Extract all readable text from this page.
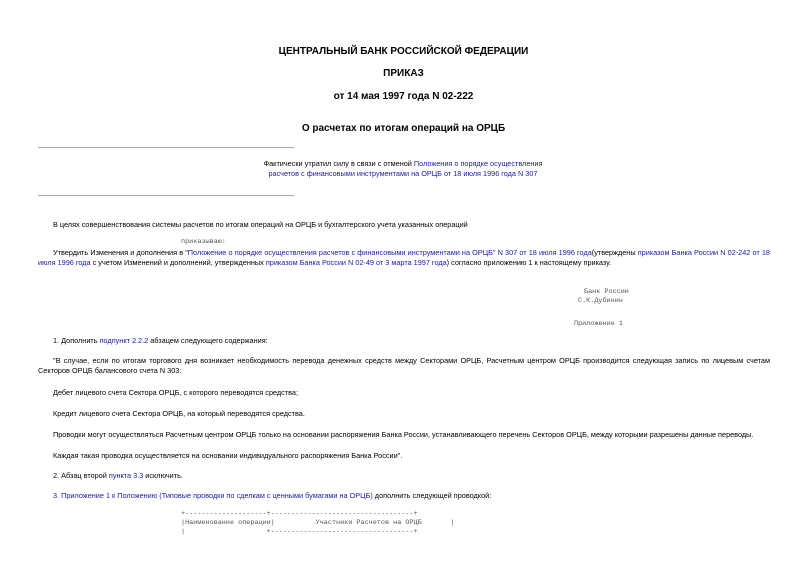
ЦЕНТРАЛЬНЫЙ БАНК РОССИЙСКОЙ ФЕДЕРАЦИИ
ПРИКАЗ
от 14 мая 1997 года N 02-222
О расчетах по итогам операций на ОРЦБ
Фактически утратил силу в связи с отменой Положения о порядке осуществления расчетов с финансовыми инструментами на ОРЦБ от 18 июля 1996 года N 307
В целях совершенствования системы расчетов по итогам операций на ОРЦБ и бухгалтерского учета указанных операций
приказываю:
Утвердить Изменения и дополнения в "Положение о порядке осуществления расчетов с финансовыми инструментами на ОРЦБ" N 307 от 18 июля 1996 года(утверждены приказом Банка России N 02-242 от 18 июля 1996 года с учетом Изменений и дополнений, утвержденных приказом Банка России N 02-49 от 3 марта 1997 года) согласно приложению 1 к настоящему приказу.
Банк России
С.К.Дубинин
Приложение 1
1. Дополнить подпункт 2.2.2 абзацем следующего содержания:
"В случае, если по итогам торгового дня возникает необходимость перевода денежных средств между Секторами ОРЦБ, Расчетным центром ОРЦБ производится следующая запись по лицевым счетам Секторов ОРЦБ балансового счета N 303:
Дебет лицевого счета Сектора ОРЦБ, с которого переводятся средства;
Кредит лицевого счета Сектора ОРЦБ, на который переводятся средства.
Проводки могут осуществляться Расчетным центром ОРЦБ только на основании распоряжения Банка России, устанавливающего перечень Секторов ОРЦБ, между которыми разрешены данные переводы.
Каждая такая проводка осуществляется на основании индивидуального распоряжения Банка России".
2. Абзац второй пункта 3.3 исключить.
3. Приложение 1 к Положению (Типовые проводки по сделкам с ценными бумагами на ОРЦБ) дополнить следующей проводкой:
+--------------------+-----------------------------------+
|Наименование операции|          Участники Расчетов на ОРЦБ       |
|                    +-----------------------------------+
